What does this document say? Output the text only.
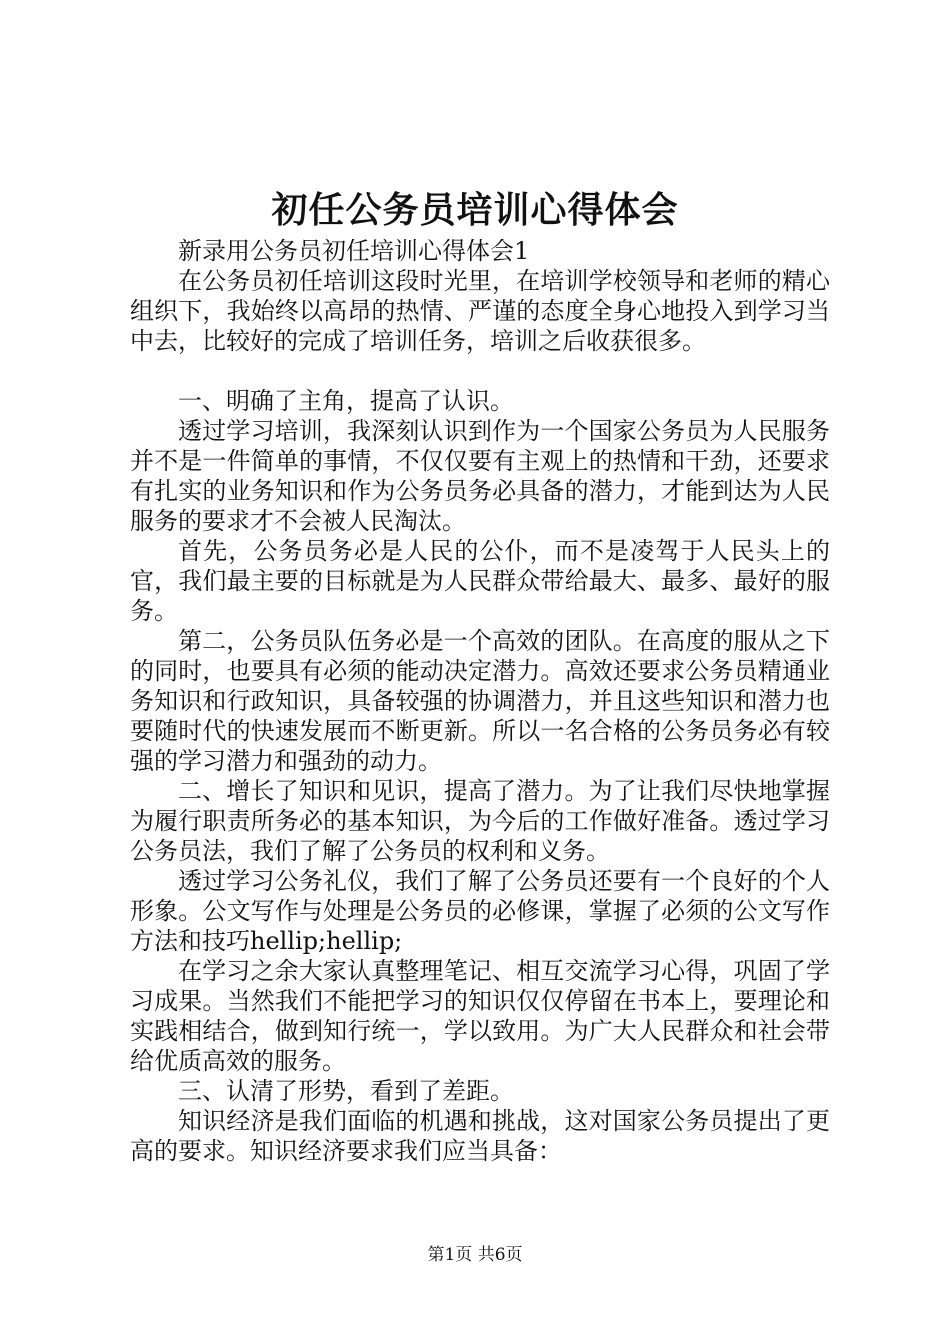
初任公务员培训心得体会

新录用公务员初任培训心得体会1

在公务员初任培训这段时光里，在培训学校领导和老师的精心组织下，我始终以高昂的热情、严谨的态度全身心地投入到学习当中去，比较好的完成了培训任务，培训之后收获很多。

一、明确了主角，提高了认识。

透过学习培训，我深刻认识到作为一个国家公务员为人民服务并不是一件简单的事情，不仅仅要有主观上的热情和干劲，还要求有扎实的业务知识和作为公务员务必具备的潜力，才能到达为人民服务的要求才不会被人民淘汰。

首先，公务员务必是人民的公仆，而不是凌驾于人民头上的官，我们最主要的目标就是为人民群众带给最大、最多、最好的服务。

第二，公务员队伍务必是一个高效的团队。在高度的服从之下的同时，也要具有必须的能动决定潜力。高效还要求公务员精通业务知识和行政知识，具备较强的协调潜力，并且这些知识和潜力也要随时代的快速发展而不断更新。所以一名合格的公务员务必有较强的学习潜力和强劲的动力。

二、增长了知识和见识，提高了潜力。为了让我们尽快地掌握为履行职责所务必的基本知识，为今后的工作做好准备。透过学习公务员法，我们了解了公务员的权利和义务。

透过学习公务礼仪，我们了解了公务员还要有一个良好的个人形象。公文写作与处理是公务员的必修课，掌握了必须的公文写作方法和技巧hellip;hellip;

在学习之余大家认真整理笔记、相互交流学习心得，巩固了学习成果。当然我们不能把学习的知识仅仅停留在书本上，要理论和实践相结合，做到知行统一，学以致用。为广大人民群众和社会带给优质高效的服务。

三、认清了形势，看到了差距。

知识经济是我们面临的机遇和挑战，这对国家公务员提出了更高的要求。知识经济要求我们应当具备：

第1页 共6页
